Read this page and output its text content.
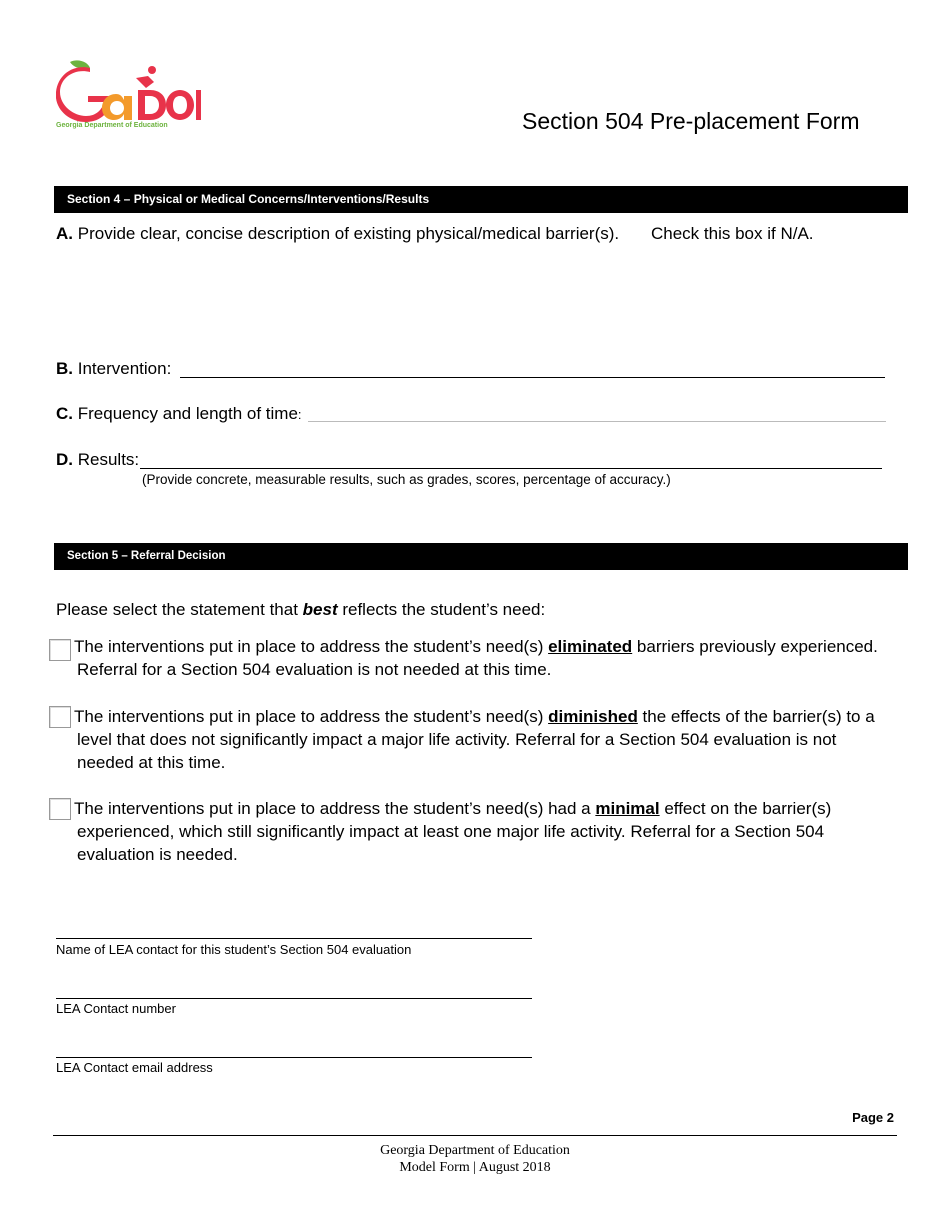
Georgia Department of Education	Section 504 Pre-placement Form
Section 4 – Physical or Medical Concerns/Interventions/Results
A. Provide clear, concise description of existing physical/medical barrier(s). Check this box if N/A.
B. Intervention:
C. Frequency and length of time:
D. Results:
(Provide concrete, measurable results, such as grades, scores, percentage of accuracy.)
Section 5 – Referral Decision
Please select the statement that best reflects the student’s need:
The interventions put in place to address the student’s need(s) eliminated barriers previously experienced. Referral for a Section 504 evaluation is not needed at this time.
The interventions put in place to address the student’s need(s) diminished the effects of the barrier(s) to a level that does not significantly impact a major life activity. Referral for a Section 504 evaluation is not needed at this time.
The interventions put in place to address the student’s need(s) had a minimal effect on the barrier(s) experienced, which still significantly impact at least one major life activity. Referral for a Section 504 evaluation is needed.
Name of LEA contact for this student’s Section 504 evaluation
LEA Contact number
LEA Contact email address
Page 2
Georgia Department of Education
Model Form | August 2018
